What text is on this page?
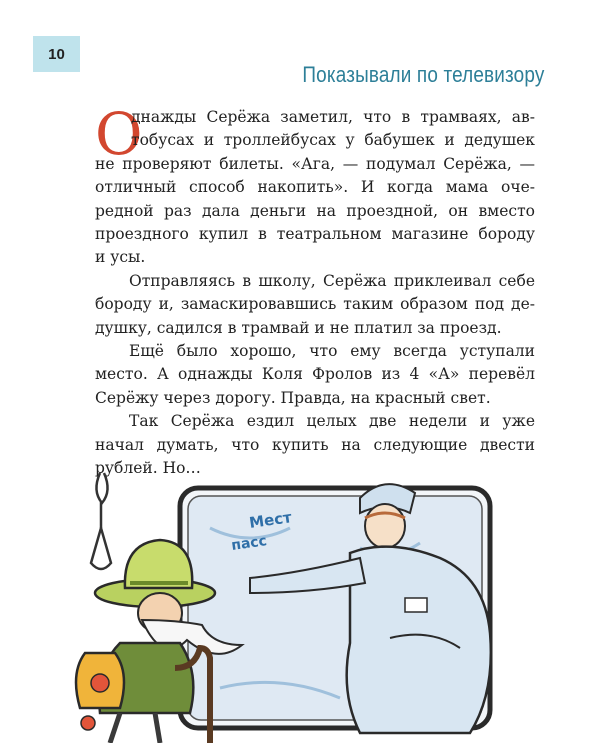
10
Показывали по телевизору
О
днажды Серёжа заметил, что в трамваях, ав-
тобусах и троллейбусах у бабушек и дедушек
не проверяют билеты. «Ага, — подумал Серёжа, —
отличный способ накопить». И когда мама оче-
редной раз дала деньги на проездной, он вместо
проездного купил в театральном магазине бороду
и усы.
Отправляясь в школу, Серёжа приклеивал себе
бороду и, замаскировавшись таким образом под де-
душку, садился в трамвай и не платил за проезд.
Ещё было хорошо, что ему всегда уступали
место. А однажды Коля Фролов из 4 «А» перевёл
Серёжу через дорогу. Правда, на красный свет.
Так Серёжа ездил целых две недели и уже
начал думать, что купить на следующие двести
рублей. Но…
Мест
пасс
